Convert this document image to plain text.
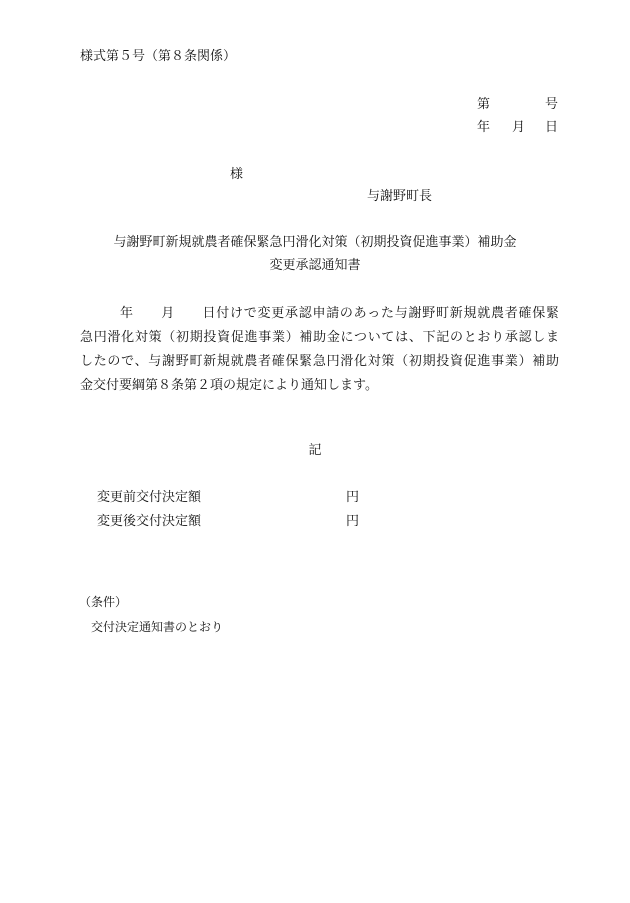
様式第５号（第８条関係）
第	号
年 月 日
様
与謝野町長
与謝野町新規就農者確保緊急円滑化対策（初期投資促進事業）補助金
変更承認通知書
年　　月　　日付けで変更承認申請のあった与謝野町新規就農者確保緊
急円滑化対策（初期投資促進事業）補助金については、下記のとおり承認しま
したので、与謝野町新規就農者確保緊急円滑化対策（初期投資促進事業）補助
金交付要綱第８条第２項の規定により通知します。
記
変更前交付決定額	円
変更後交付決定額	円
（条件）
交付決定通知書のとおり
